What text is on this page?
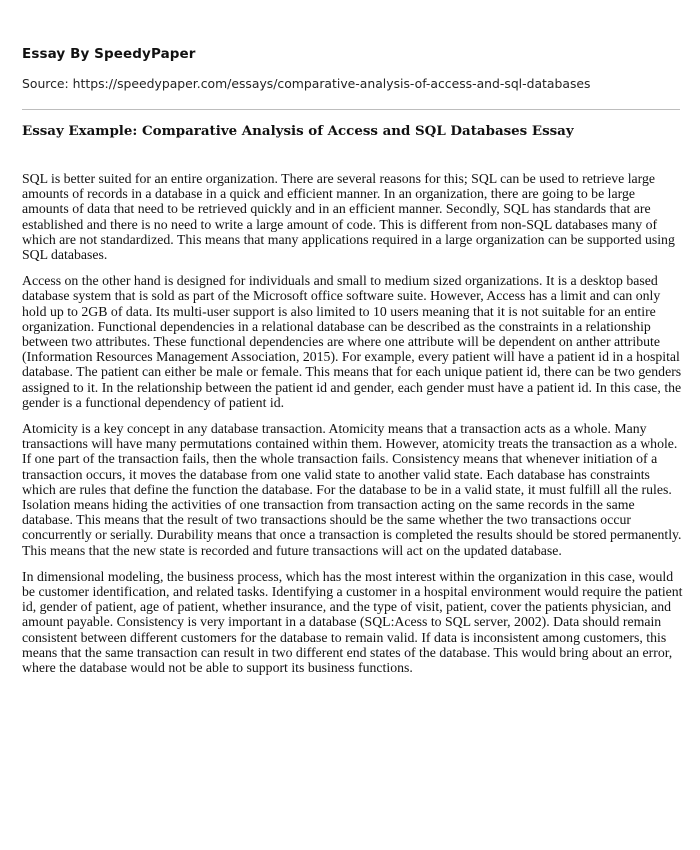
Essay By SpeedyPaper
Source: https://speedypaper.com/essays/comparative-analysis-of-access-and-sql-databases
Essay Example: Comparative Analysis of Access and SQL Databases Essay

SQL is better suited for an entire organization. There are several reasons for this; SQL can be used to retrieve large amounts of records in a database in a quick and efficient manner. In an organization, there are going to be large amounts of data that need to be retrieved quickly and in an efficient manner. Secondly, SQL has standards that are established and there is no need to write a large amount of code. This is different from non-SQL databases many of which are not standardized. This means that many applications required in a large organization can be supported using SQL databases.

Access on the other hand is designed for individuals and small to medium sized organizations. It is a desktop based database system that is sold as part of the Microsoft office software suite. However, Access has a limit and can only hold up to 2GB of data. Its multi-user support is also limited to 10 users meaning that it is not suitable for an entire organization. Functional dependencies in a relational database can be described as the constraints in a relationship between two attributes. These functional dependencies are where one attribute will be dependent on anther attribute (Information Resources Management Association, 2015). For example, every patient will have a patient id in a hospital database. The patient can either be male or female. This means that for each unique patient id, there can be two genders assigned to it. In the relationship between the patient id and gender, each gender must have a patient id. In this case, the gender is a functional dependency of patient id.

Atomicity is a key concept in any database transaction. Atomicity means that a transaction acts as a whole. Many transactions will have many permutations contained within them. However, atomicity treats the transaction as a whole. If one part of the transaction fails, then the whole transaction fails. Consistency means that whenever initiation of a transaction occurs, it moves the database from one valid state to another valid state. Each database has constraints which are rules that define the function the database. For the database to be in a valid state, it must fulfill all the rules. Isolation means hiding the activities of one transaction from transaction acting on the same records in the same database. This means that the result of two transactions should be the same whether the two transactions occur concurrently or serially. Durability means that once a transaction is completed the results should be stored permanently. This means that the new state is recorded and future transactions will act on the updated database.

In dimensional modeling, the business process, which has the most interest within the organization in this case, would be customer identification, and related tasks. Identifying a customer in a hospital environment would require the patient id, gender of patient, age of patient, whether insurance, and the type of visit, patient, cover the patients physician, and amount payable. Consistency is very important in a database (SQL:Acess to SQL server, 2002). Data should remain consistent between different customers for the database to remain valid. If data is inconsistent among customers, this means that the same transaction can result in two different end states of the database. This would bring about an error, where the database would not be able to support its business functions.
